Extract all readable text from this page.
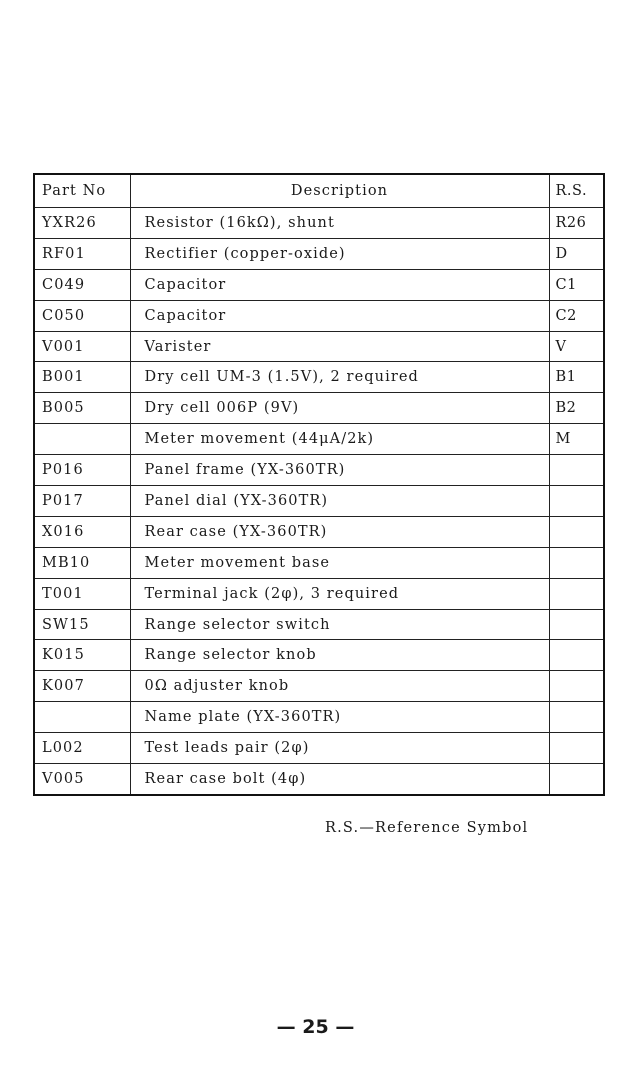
Part No	Description	R.S.
YXR26	Resistor (16kΩ), shunt	R26
RF01	Rectifier (copper-oxide)	D
C049	Capacitor	C1
C050	Capacitor	C2
V001	Varister	V
B001	Dry cell UM-3 (1.5V), 2 required	B1
B005	Dry cell 006P (9V)	B2
	Meter movement (44μA/2k)	M
P016	Panel frame (YX-360TR)	
P017	Panel dial (YX-360TR)	
X016	Rear case (YX-360TR)	
MB10	Meter movement base	
T001	Terminal jack (2φ), 3 required	
SW15	Range selector switch	
K015	Range selector knob	
K007	0Ω adjuster knob	
	Name plate (YX-360TR)	
L002	Test leads pair (2φ)	
V005	Rear case bolt (4φ)	
R.S.—Reference Symbol
— 25 —
